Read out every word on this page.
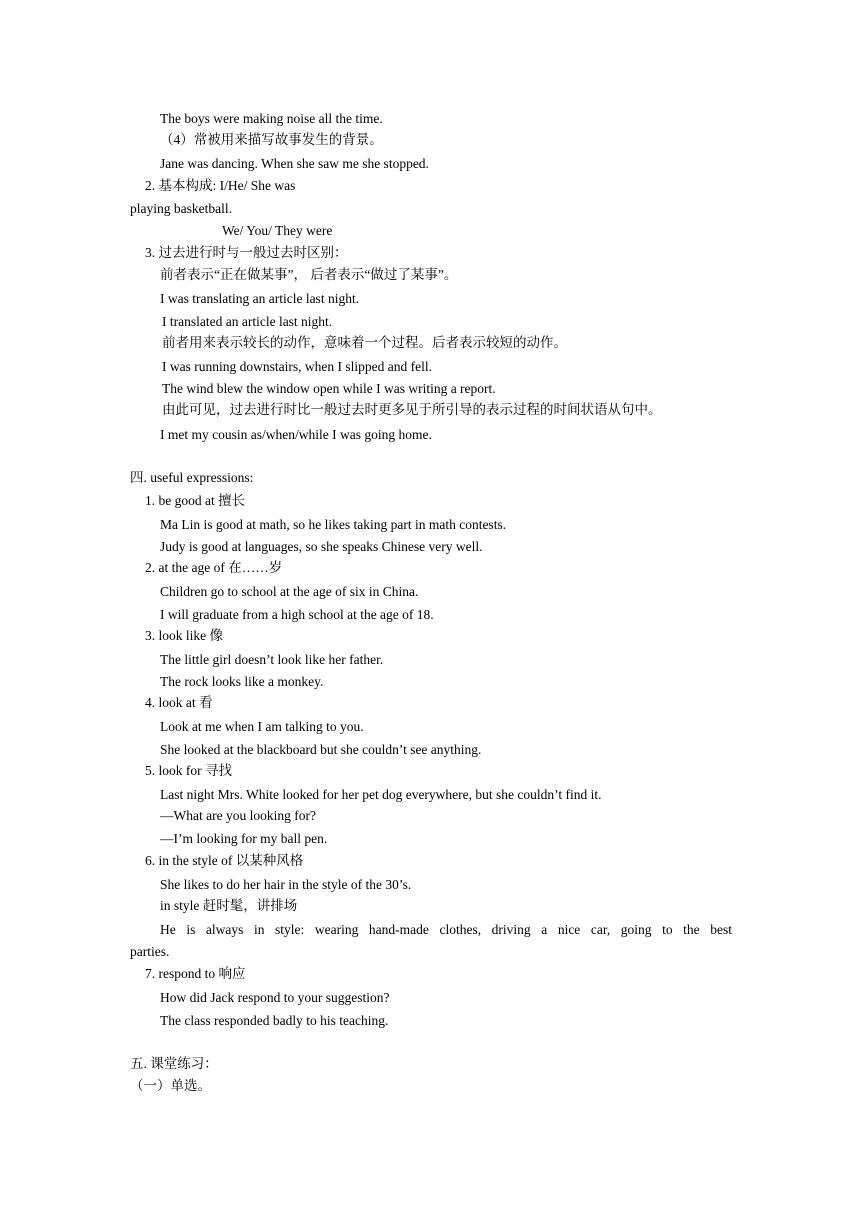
The boys were making noise all the time.
（4）常被用来描写故事发生的背景。
Jane was dancing. When she saw me she stopped.
2. 基本构成: I/He/ She was
playing basketball.
We/ You/ They were
3. 过去进行时与一般过去时区别：
前者表示“正在做某事”， 后者表示“做过了某事”。
I was translating an article last night.
I translated an article last night.
前者用来表示较长的动作，意味着一个过程。后者表示较短的动作。
I was running downstairs, when I slipped and fell.
The wind blew the window open while I was writing a report.
由此可见，过去进行时比一般过去时更多见于所引导的表示过程的时间状语从句中。
I met my cousin as/when/while I was going home.
四. useful expressions:
1. be good at 擅长
Ma Lin is good at math, so he likes taking part in math contests.
Judy is good at languages, so she speaks Chinese very well.
2. at the age of 在……岁
Children go to school at the age of six in China.
I will graduate from a high school at the age of 18.
3. look like 像
The little girl doesn’t look like her father.
The rock looks like a monkey.
4. look at 看
Look at me when I am talking to you.
She looked at the blackboard but she couldn’t see anything.
5. look for 寻找
Last night Mrs. White looked for her pet dog everywhere, but she couldn’t find it.
—What are you looking for?
—I’m looking for my ball pen.
6. in the style of 以某种风格
She likes to do her hair in the style of the 30’s.
in style 赶时髦，讲排场
He is always in style: wearing hand-made clothes, driving a nice car, going to the best
parties.
7. respond to 响应
How did Jack respond to your suggestion?
The class responded badly to his teaching.
五. 课堂练习：
（一）单选。
